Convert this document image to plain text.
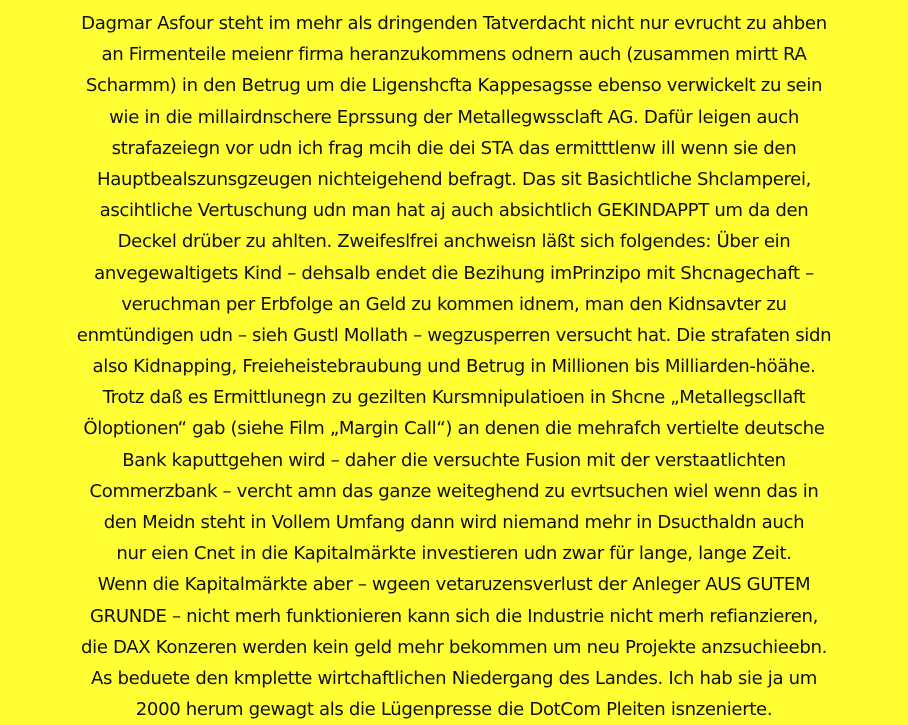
Dagmar Asfour steht im mehr als dringenden Tatverdacht nicht nur evrucht zu ahben
an Firmenteile meienr firma heranzukommens odnern auch (zusammen mirtt RA
Scharmm) in den Betrug um die Ligenshcfta Kappesagsse ebenso verwickelt zu sein
wie in die millairdnschere Eprssung der Metallegwssclaft AG. Dafür leigen auch
strafazeiegn vor udn ich frag mcih die dei STA das ermitttlenw ill wenn sie den
Hauptbealszunsgzeugen nichteigehend befragt. Das sit Basichtliche Shclamperei,
ascihtliche Vertuschung udn man hat aj auch absichtlich GEKINDAPPT um da den
Deckel drüber zu ahlten. Zweifeslfrei anchweisn läßt sich folgendes: Über ein
anvegewaltigets Kind – dehsalb endet die Bezihung imPrinzipo mit Shcnagechaft –
veruchman per Erbfolge an Geld zu kommen idnem, man den Kidnsavter zu
enmtündigen udn – sieh Gustl Mollath – wegzusperren versucht hat. Die strafaten sidn
also Kidnapping, Freieheistebraubung und Betrug in Millionen bis Milliarden-höähe.
Trotz daß es Ermittlunegn zu gezilten Kursmnipulatioen in Shcne „Metallegscllaft
Öloptionen“ gab (siehe Film „Margin Call“) an denen die mehrafch vertielte deutsche
Bank kaputtgehen wird – daher die versuchte Fusion mit der verstaatlichten
Commerzbank – vercht amn das ganze weiteghend zu evrtsuchen wiel wenn das in
den Meidn steht in Vollem Umfang dann wird niemand mehr in Dsucthaldn auch
nur eien Cnet in die Kapitalmärkte investieren udn zwar für lange, lange Zeit.
Wenn die Kapitalmärkte aber – wgeen vetaruzensverlust der Anleger AUS GUTEM
GRUNDE – nicht merh funktionieren kann sich die Industrie nicht merh refianzieren,
die DAX Konzeren werden kein geld mehr bekommen um neu Projekte anzsuchieebn.
As beduete den kmplette wirtchaftlichen Niedergang des Landes. Ich hab sie ja um
2000 herum gewagt als die Lügenpresse die DotCom Pleiten isnzenierte.
